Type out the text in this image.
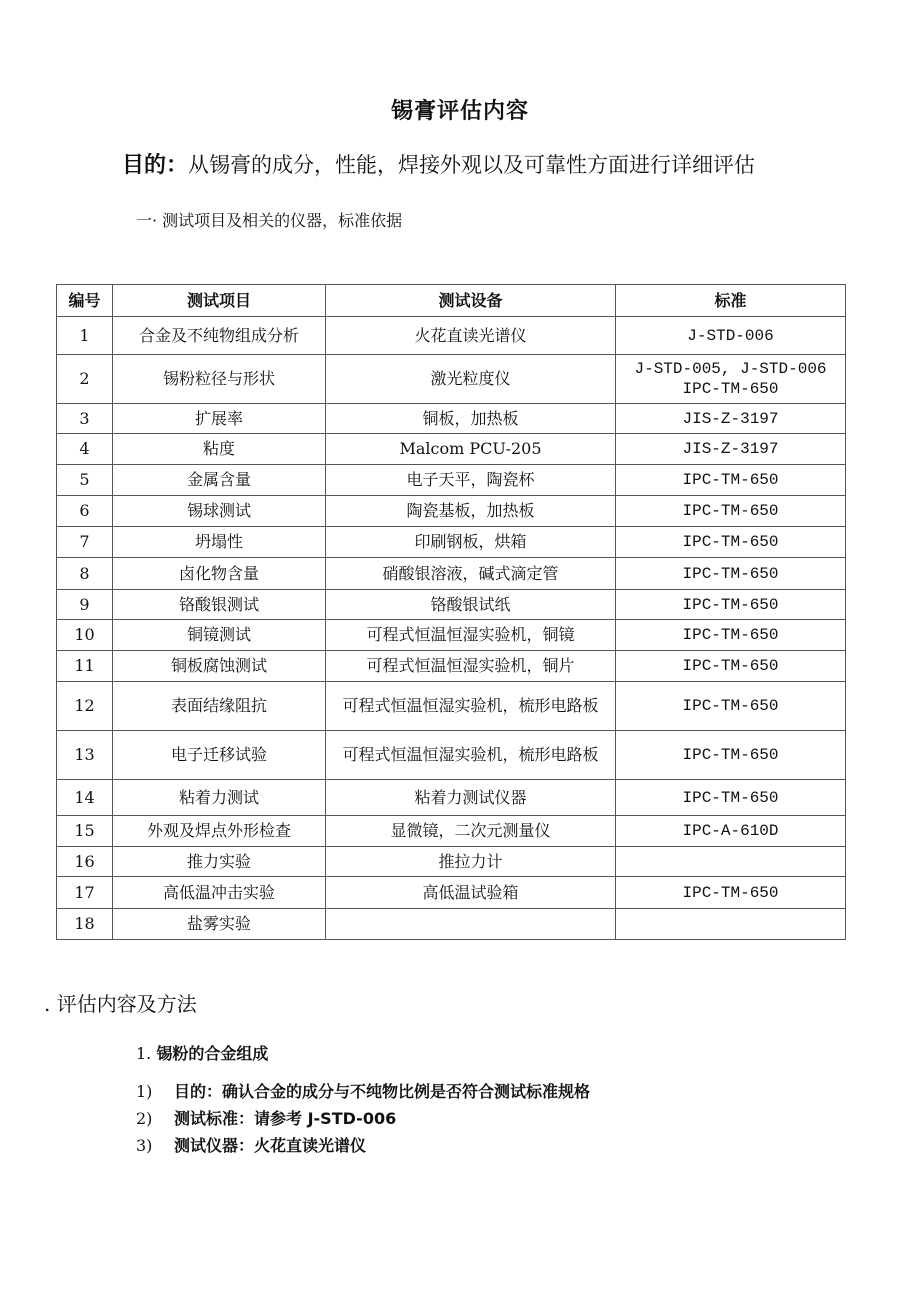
锡膏评估内容
目的：从锡膏的成分，性能，焊接外观以及可靠性方面进行详细评估
一· 测试项目及相关的仪器，标准依据
编号	测试项目	测试设备	标准
1	合金及不纯物组成分析	火花直读光谱仪	J-STD-006
2	锡粉粒径与形状	激光粒度仪	J-STD-005, J-STD-006
IPC-TM-650
3	扩展率	铜板，加热板	JIS-Z-3197
4	粘度	Malcom PCU-205	JIS-Z-3197
5	金属含量	电子天平，陶瓷杯	IPC-TM-650
6	锡球测试	陶瓷基板，加热板	IPC-TM-650
7	坍塌性	印刷钢板，烘箱	IPC-TM-650
8	卤化物含量	硝酸银溶液，碱式滴定管	IPC-TM-650
9	铬酸银测试	铬酸银试纸	IPC-TM-650
10	铜镜测试	可程式恒温恒湿实验机，铜镜	IPC-TM-650
11	铜板腐蚀测试	可程式恒温恒湿实验机，铜片	IPC-TM-650
12	表面结缘阻抗	可程式恒温恒湿实验机，梳形电路板	IPC-TM-650
13	电子迁移试验	可程式恒温恒湿实验机，梳形电路板	IPC-TM-650
14	粘着力测试	粘着力测试仪器	IPC-TM-650
15	外观及焊点外形检查	显微镜，二次元测量仪	IPC-A-610D
16	推力实验	推拉力计	
17	高低温冲击实验	高低温试验箱	IPC-TM-650
18	盐雾实验		
. 评估内容及方法
1. 锡粉的合金组成
1) 目的：确认合金的成分与不纯物比例是否符合测试标准规格
2) 测试标准：请参考 J-STD-006
3) 测试仪器：火花直读光谱仪
